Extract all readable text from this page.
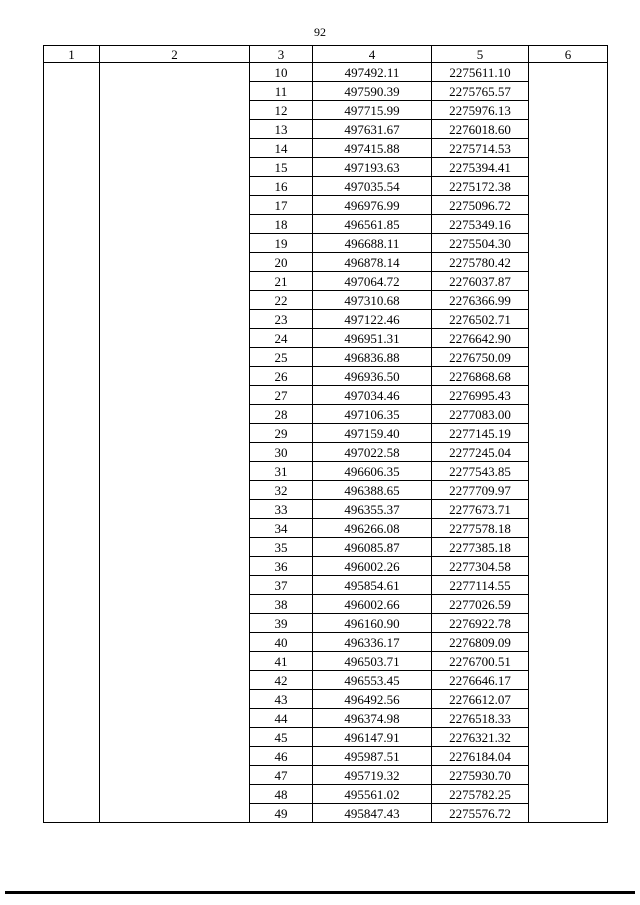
92
1	2	3	4	5	6
		10	497492.11	2275611.10	
		11	497590.39	2275765.57	
		12	497715.99	2275976.13	
		13	497631.67	2276018.60	
		14	497415.88	2275714.53	
		15	497193.63	2275394.41	
		16	497035.54	2275172.38	
		17	496976.99	2275096.72	
		18	496561.85	2275349.16	
		19	496688.11	2275504.30	
		20	496878.14	2275780.42	
		21	497064.72	2276037.87	
		22	497310.68	2276366.99	
		23	497122.46	2276502.71	
		24	496951.31	2276642.90	
		25	496836.88	2276750.09	
		26	496936.50	2276868.68	
		27	497034.46	2276995.43	
		28	497106.35	2277083.00	
		29	497159.40	2277145.19	
		30	497022.58	2277245.04	
		31	496606.35	2277543.85	
		32	496388.65	2277709.97	
		33	496355.37	2277673.71	
		34	496266.08	2277578.18	
		35	496085.87	2277385.18	
		36	496002.26	2277304.58	
		37	495854.61	2277114.55	
		38	496002.66	2277026.59	
		39	496160.90	2276922.78	
		40	496336.17	2276809.09	
		41	496503.71	2276700.51	
		42	496553.45	2276646.17	
		43	496492.56	2276612.07	
		44	496374.98	2276518.33	
		45	496147.91	2276321.32	
		46	495987.51	2276184.04	
		47	495719.32	2275930.70	
		48	495561.02	2275782.25	
		49	495847.43	2275576.72	
